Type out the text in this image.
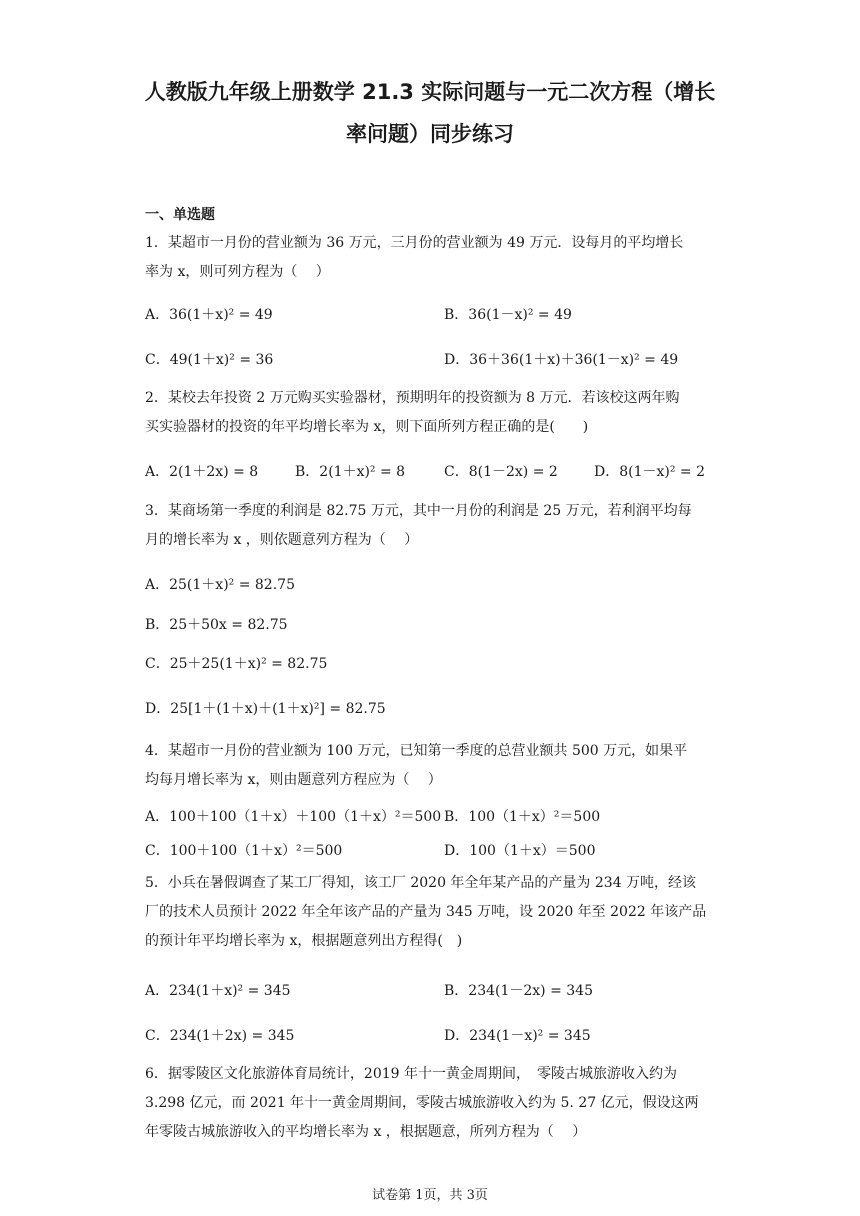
人教版九年级上册数学 21.3 实际问题与一元二次方程（增长
率问题）同步练习
一、单选题
1．某超市一月份的营业额为 36 万元，三月份的营业额为 49 万元．设每月的平均增长
率为 x，则可列方程为（　 ）
A．36(1＋x)² = 49	B．36(1－x)² = 49
C．49(1＋x)² = 36	D．36＋36(1＋x)＋36(1－x)² = 49
2．某校去年投资 2 万元购买实验器材，预期明年的投资额为 8 万元．若该校这两年购
买实验器材的投资的年平均增长率为 x，则下面所列方程正确的是(　　)
A．2(1＋2x) = 8	B．2(1＋x)² = 8	C．8(1－2x) = 2	D．8(1－x)² = 2
3．某商场第一季度的利润是 82.75 万元，其中一月份的利润是 25 万元，若利润平均每
月的增长率为 x ，则依题意列方程为（　 ）
A．25(1＋x)² = 82.75
B．25＋50x = 82.75
C．25＋25(1＋x)² = 82.75
D．25[1＋(1＋x)＋(1＋x)²] = 82.75
4．某超市一月份的营业额为 100 万元，已知第一季度的总营业额共 500 万元，如果平
均每月增长率为 x，则由题意列方程应为（　 ）
A．100＋100（1＋x）＋100（1＋x）²＝500 B．100（1＋x）²＝500
C．100＋100（1＋x）²＝500	D．100（1＋x）＝500
5．小兵在暑假调查了某工厂得知，该工厂 2020 年全年某产品的产量为 234 万吨，经该
厂的技术人员预计 2022 年全年该产品的产量为 345 万吨，设 2020 年至 2022 年该产品
的预计年平均增长率为 x，根据题意列出方程得(　)
A．234(1＋x)² = 345	B．234(1－2x) = 345
C．234(1＋2x) = 345	D．234(1－x)² = 345
6．据零陵区文化旅游体育局统计，2019 年十一黄金周期间，　零陵古城旅游收入约为
3.298 亿元，而 2021 年十一黄金周期间，零陵古城旅游收入约为 5. 27 亿元，假设这两
年零陵古城旅游收入的平均增长率为 x ，根据题意，所列方程为（　 ）
试卷第 1页，共 3页
